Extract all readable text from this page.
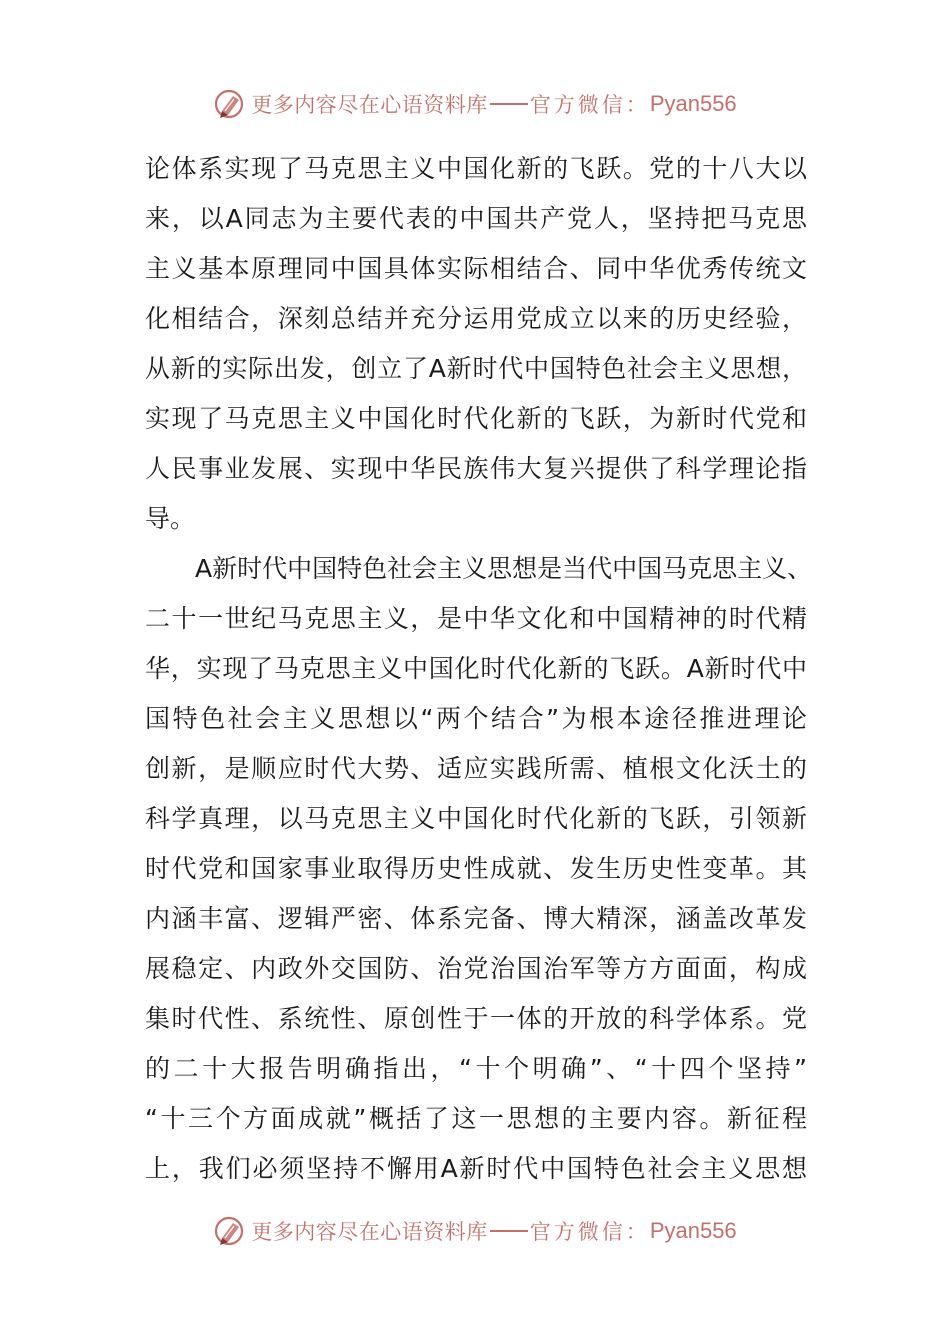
更多内容尽在心语资料库 官方微信： Pyan556
论体系实现了马克思主义中国化新的飞跃。党的十八大以
来，以A同志为主要代表的中国共产党人，坚持把马克思
主义基本原理同中国具体实际相结合、同中华优秀传统文
化相结合，深刻总结并充分运用党成立以来的历史经验，
从新的实际出发，创立了A新时代中国特色社会主义思想，
实现了马克思主义中国化时代化新的飞跃，为新时代党和
人民事业发展、实现中华民族伟大复兴提供了科学理论指
导。
A新时代中国特色社会主义思想是当代中国马克思主义、
二十一世纪马克思主义，是中华文化和中国精神的时代精
华，实现了马克思主义中国化时代化新的飞跃。A新时代中
国特色社会主义思想以“两个结合”为根本途径推进理论
创新，是顺应时代大势、适应实践所需、植根文化沃土的
科学真理，以马克思主义中国化时代化新的飞跃，引领新
时代党和国家事业取得历史性成就、发生历史性变革。其
内涵丰富、逻辑严密、体系完备、博大精深，涵盖改革发
展稳定、内政外交国防、治党治国治军等方方面面，构成
集时代性、系统性、原创性于一体的开放的科学体系。党
的二十大报告明确指出，“十个明确”、“十四个坚持”
“十三个方面成就”概括了这一思想的主要内容。新征程
上，我们必须坚持不懈用A新时代中国特色社会主义思想
更多内容尽在心语资料库 官方微信： Pyan556
